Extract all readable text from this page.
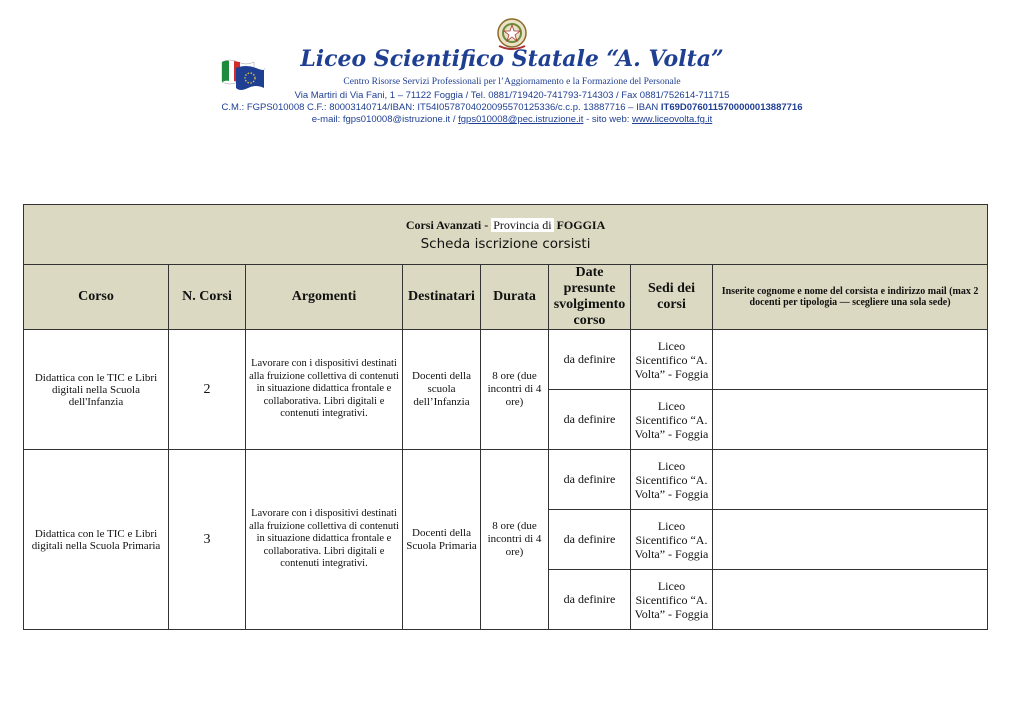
Liceo Scientifico Statale “A. Volta”
Centro Risorse Servizi Professionali per l’Aggiornamento e la Formazione del Personale
Via Martiri di Via Fani, 1 – 71122 Foggia / Tel. 0881/719420-741793-714303 / Fax 0881/752614-711715
C.M.: FGPS010008 C.F.: 80003140714/IBAN: IT54I0578704020095570125336/c.c.p. 13887716 – IBAN IT69D0760115700000013887716
e-mail: fgps010008@istruzione.it / fgps010008@pec.istruzione.it - sito web: www.liceovolta.fg.it
Corsi Avanzati - Provincia di FOGGIA
Scheda iscrizione corsisti							

Corso	N. Corsi	Argomenti	Destinatari	Durata	Date presunte svolgimento corso	Sedi dei corsi	Inserite cognome e nome del corsista e indirizzo mail (max 2 docenti per tipologia — scegliere una sola sede)
Didattica con le TIC e Libri digitali nella Scuola dell'Infanzia	2	Lavorare con i dispositivi destinati alla fruizione collettiva di contenuti in situazione didattica frontale e collaborativa. Libri digitali e contenuti integrativi.	Docenti della scuola dell’Infanzia	8 ore (due incontri di 4 ore)	da definire	Liceo Sicentifico “A. Volta” - Foggia	
					da definire	Liceo Sicentifico “A. Volta” - Foggia	
Didattica con le TIC e Libri digitali nella Scuola Primaria	3	Lavorare con i dispositivi destinati alla fruizione collettiva di contenuti in situazione didattica frontale e collaborativa. Libri digitali e contenuti integrativi.	Docenti della Scuola Primaria	8 ore (due incontri di 4 ore)	da definire	Liceo Sicentifico “A. Volta” - Foggia	
					da definire	Liceo Sicentifico “A. Volta” - Foggia	
					da definire	Liceo Sicentifico “A. Volta” - Foggia	
